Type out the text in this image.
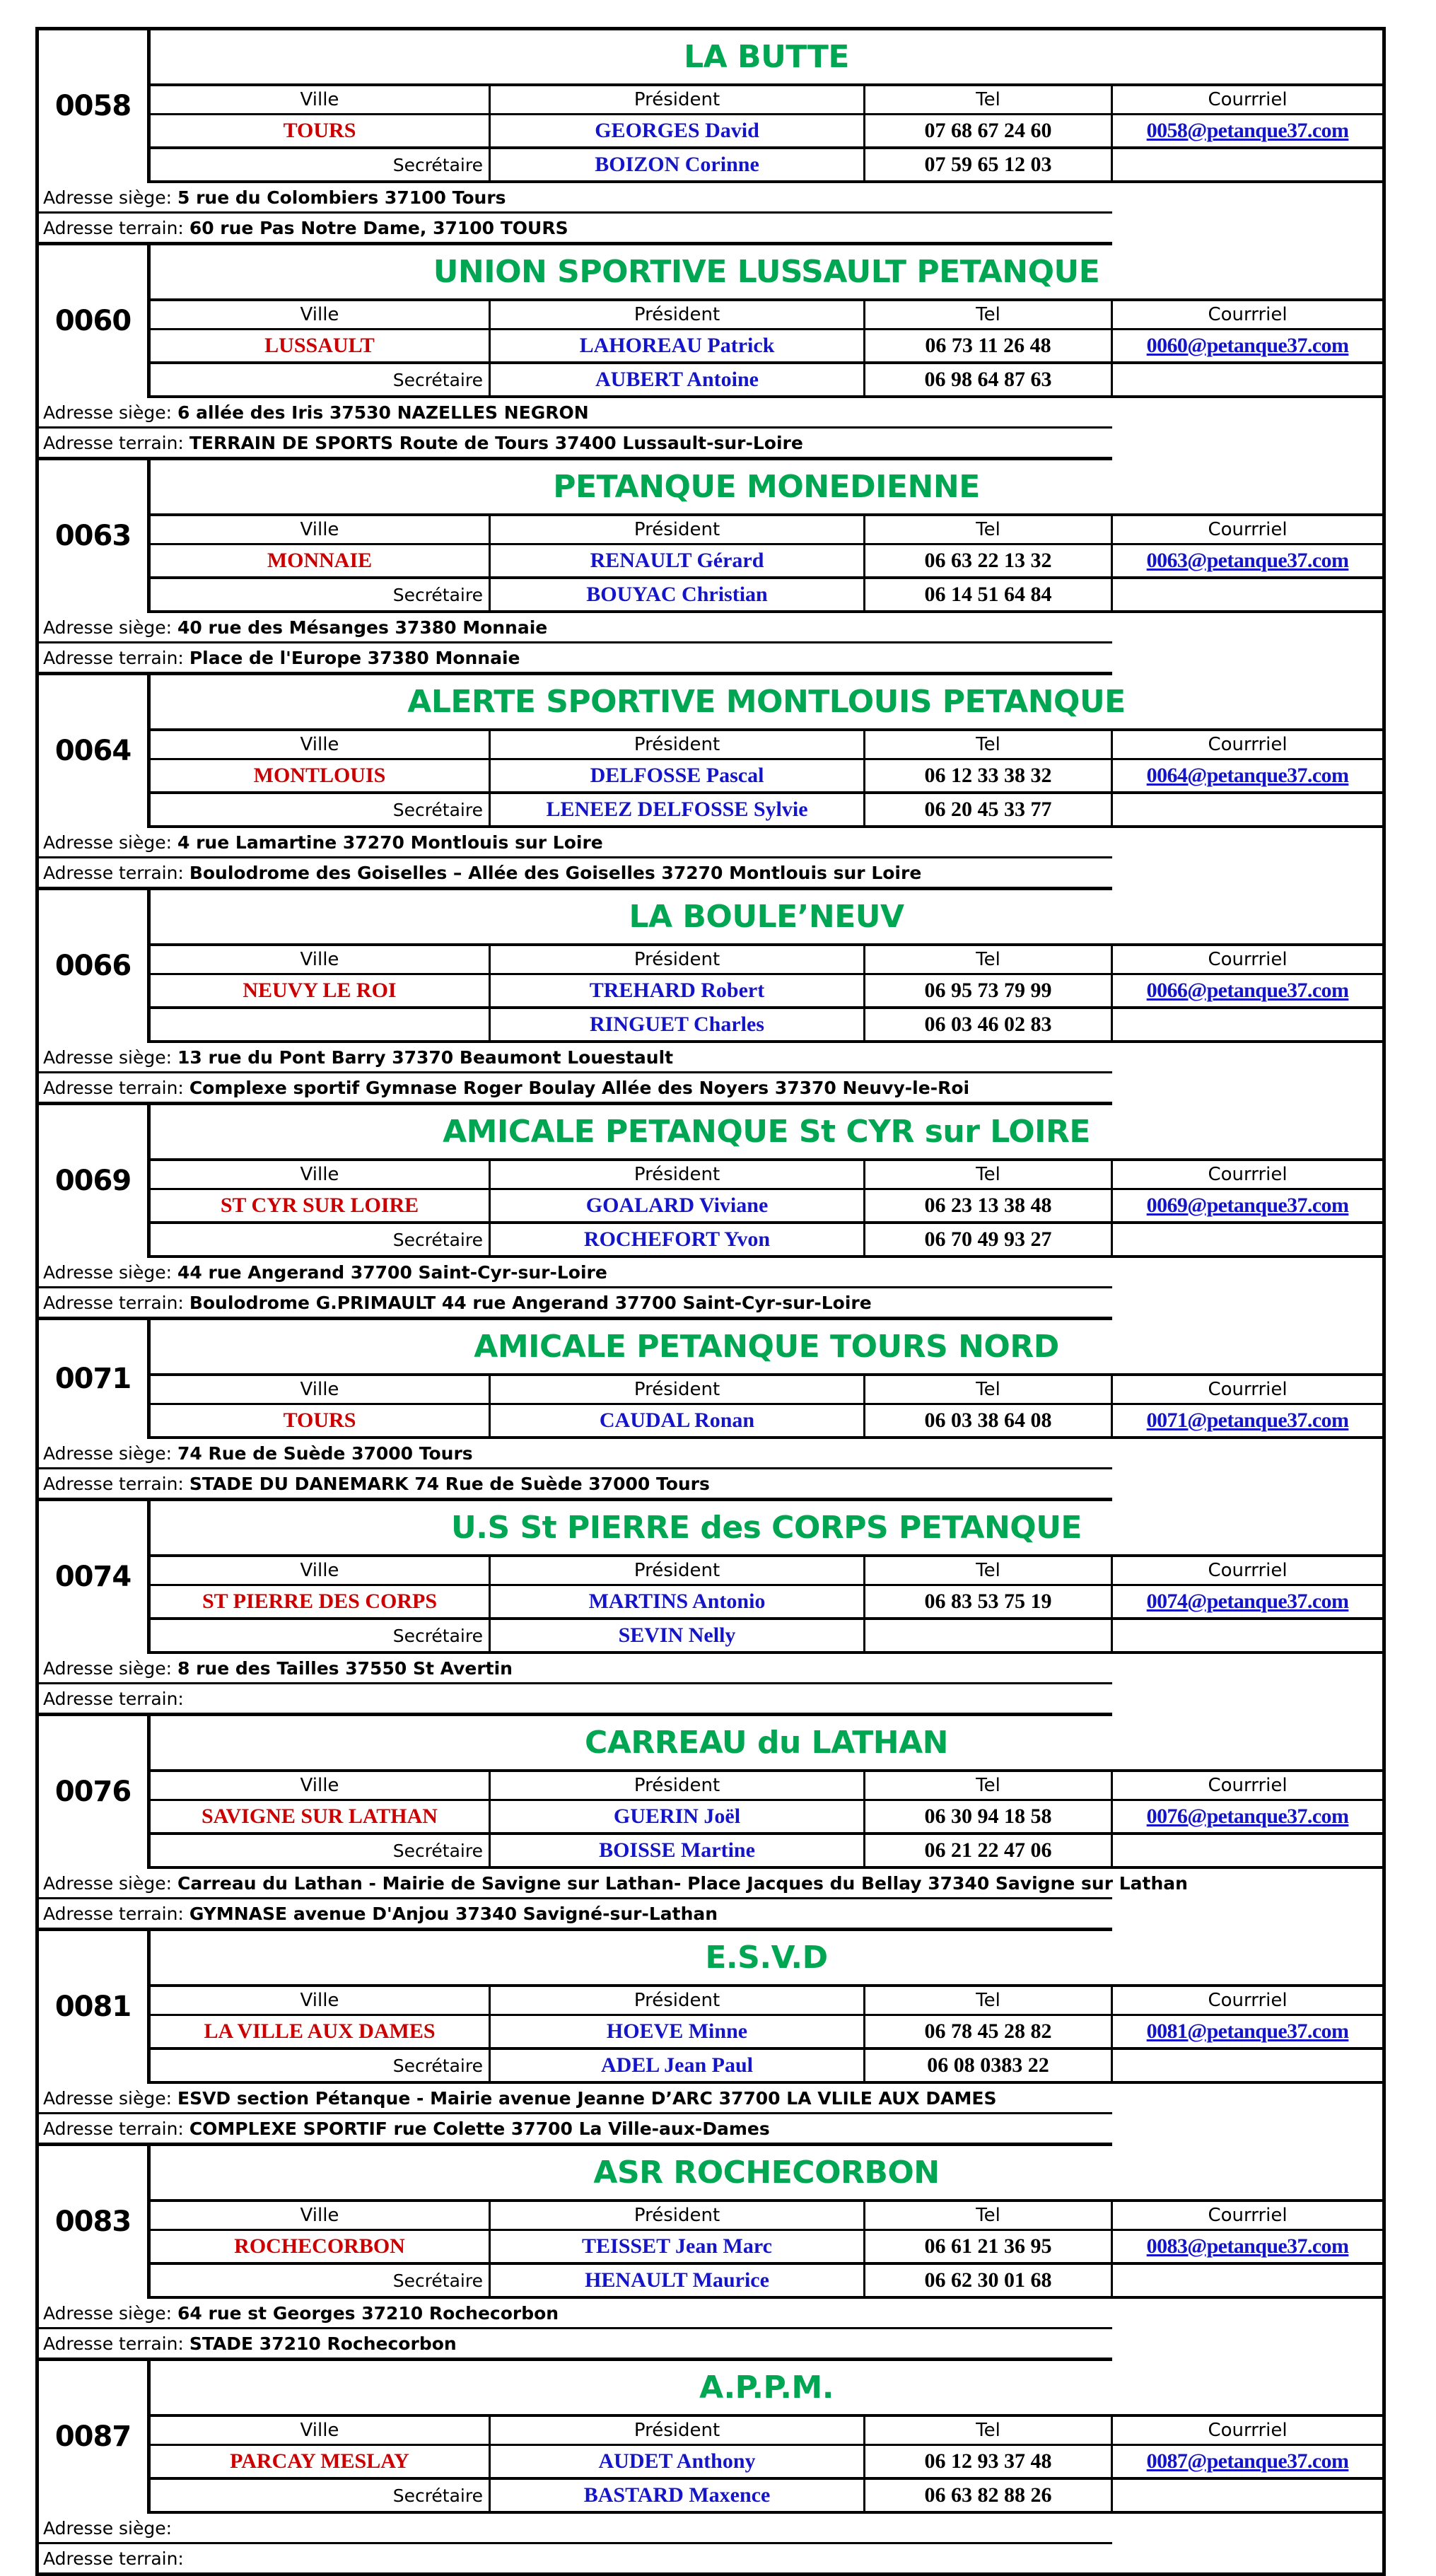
0058	LA BUTTE			
	Ville	Président	Tel	Courrriel
	TOURS	GEORGES David	07 68 67 24 60	0058@petanque37.com
	Secrétaire	BOIZON Corinne	07 59 65 12 03	
Adresse siège: 5 rue du Colombiers 37100 Tours				
Adresse terrain: 60 rue Pas Notre Dame, 37100 TOURS				
0060	UNION SPORTIVE LUSSAULT PETANQUE			
	Ville	Président	Tel	Courrriel
	LUSSAULT	LAHOREAU Patrick	06 73 11 26 48	0060@petanque37.com
	Secrétaire	AUBERT Antoine	06 98 64 87 63	
Adresse siège: 6 allée des Iris 37530 NAZELLES NEGRON				
Adresse terrain: TERRAIN DE SPORTS Route de Tours 37400 Lussault-sur-Loire				
0063	PETANQUE MONEDIENNE			
	Ville	Président	Tel	Courrriel
	MONNAIE	RENAULT Gérard	06 63 22 13 32	0063@petanque37.com
	Secrétaire	BOUYAC Christian	06 14 51 64 84	
Adresse siège: 40 rue des Mésanges 37380 Monnaie				
Adresse terrain: Place de l'Europe 37380 Monnaie				
0064	ALERTE SPORTIVE MONTLOUIS PETANQUE			
	Ville	Président	Tel	Courrriel
	MONTLOUIS	DELFOSSE Pascal	06 12 33 38 32	0064@petanque37.com
	Secrétaire	LENEEZ DELFOSSE Sylvie	06 20 45 33 77	
Adresse siège: 4 rue Lamartine 37270 Montlouis sur Loire				
Adresse terrain: Boulodrome des Goiselles – Allée des Goiselles 37270 Montlouis sur Loire				
0066	LA BOULE’NEUV			
	Ville	Président	Tel	Courrriel
	NEUVY LE ROI	TREHARD Robert	06 95 73 79 99	0066@petanque37.com
		RINGUET Charles	06 03 46 02 83	
Adresse siège: 13 rue du Pont Barry 37370 Beaumont Louestault				
Adresse terrain: Complexe sportif Gymnase Roger Boulay Allée des Noyers 37370 Neuvy-le-Roi				
0069	AMICALE PETANQUE St CYR sur LOIRE			
	Ville	Président	Tel	Courrriel
	ST CYR SUR LOIRE	GOALARD Viviane	06 23 13 38 48	0069@petanque37.com
	Secrétaire	ROCHEFORT Yvon	06 70 49 93 27	
Adresse siège: 44 rue Angerand 37700 Saint-Cyr-sur-Loire				
Adresse terrain: Boulodrome G.PRIMAULT 44 rue Angerand 37700 Saint-Cyr-sur-Loire				
0071	AMICALE PETANQUE TOURS NORD			
	Ville	Président	Tel	Courrriel
	TOURS	CAUDAL Ronan	06 03 38 64 08	0071@petanque37.com
Adresse siège: 74 Rue de Suède 37000 Tours				
Adresse terrain: STADE DU DANEMARK 74 Rue de Suède 37000 Tours				
0074	U.S St PIERRE des CORPS PETANQUE			
	Ville	Président	Tel	Courrriel
	ST PIERRE DES CORPS	MARTINS Antonio	06 83 53 75 19	0074@petanque37.com
	Secrétaire	SEVIN Nelly		
Adresse siège: 8 rue des Tailles 37550 St Avertin				
Adresse terrain:				
0076	CARREAU du LATHAN			
	Ville	Président	Tel	Courrriel
	SAVIGNE SUR LATHAN	GUERIN Joël	06 30 94 18 58	0076@petanque37.com
	Secrétaire	BOISSE Martine	06 21 22 47 06	
Adresse siège: Carreau du Lathan - Mairie de Savigne sur Lathan- Place Jacques du Bellay 37340 Savigne sur Lathan				
Adresse terrain: GYMNASE avenue D'Anjou 37340 Savigné-sur-Lathan				
0081	E.S.V.D			
	Ville	Président	Tel	Courrriel
	LA VILLE AUX DAMES	HOEVE Minne	06 78 45 28 82	0081@petanque37.com
	Secrétaire	ADEL Jean Paul	06 08 0383 22	
Adresse siège: ESVD section Pétanque - Mairie avenue Jeanne D’ARC 37700 LA VLILE AUX DAMES				
Adresse terrain: COMPLEXE SPORTIF rue Colette 37700 La Ville-aux-Dames				
0083	ASR ROCHECORBON			
	Ville	Président	Tel	Courrriel
	ROCHECORBON	TEISSET Jean Marc	06 61 21 36 95	0083@petanque37.com
	Secrétaire	HENAULT Maurice	06 62 30 01 68	
Adresse siège: 64 rue st Georges 37210 Rochecorbon				
Adresse terrain: STADE 37210 Rochecorbon				
0087	A.P.P.M.			
	Ville	Président	Tel	Courrriel
	PARCAY MESLAY	AUDET Anthony	06 12 93 37 48	0087@petanque37.com
	Secrétaire	BASTARD Maxence	06 63 82 88 26	
Adresse siège:				
Adresse terrain:				
